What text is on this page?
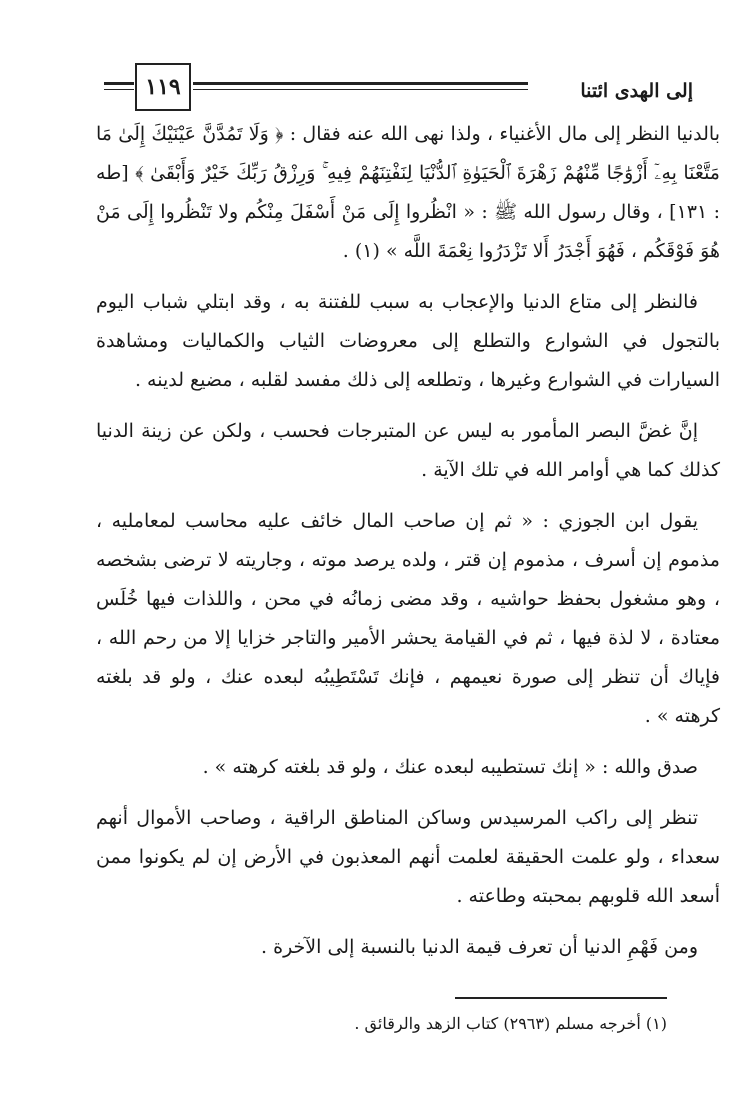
إلى الهدى ائتنا
١١٩

بالدنيا النظر إلى مال الأغنياء ، ولذا نهى الله عنه فقال : ﴿ وَلَا تَمُدَّنَّ عَيْنَيْكَ إِلَىٰ مَا مَتَّعْنَا بِهِۦٓ أَزْوَٰجًا مِّنْهُمْ زَهْرَةَ ٱلْحَيَوٰةِ ٱلدُّنْيَا لِنَفْتِنَهُمْ فِيهِ ۚ وَرِزْقُ رَبِّكَ خَيْرٌ وَأَبْقَىٰ ﴾ [طه : ١٣١] ، وقال رسول الله ﷺ : « انْظُروا إِلَى مَنْ أَسْفَلَ مِنْكُم ولا تَنْظُروا إِلَى مَنْ هُوَ فَوْقَكُم ، فَهُوَ أَجْدَرُ أَلا تَزْدَرُوا نِعْمَةَ اللَّه » (١) .

فالنظر إلى متاع الدنيا والإعجاب به سبب للفتنة به ، وقد ابتلي شباب اليوم بالتجول في الشوارع والتطلع إلى معروضات الثياب والكماليات ومشاهدة السيارات في الشوارع وغيرها ، وتطلعه إلى ذلك مفسد لقلبه ، مضيع لدينه .

إنَّ غضَّ البصر المأمور به ليس عن المتبرجات فحسب ، ولكن عن زينة الدنيا كذلك كما هي أوامر الله في تلك الآية .

يقول ابن الجوزي : « ثم إن صاحب المال خائف عليه محاسب لمعامليه ، مذموم إن أسرف ، مذموم إن قتر ، ولده يرصد موته ، وجاريته لا ترضى بشخصه ، وهو مشغول بحفظ حواشيه ، وقد مضى زمانُه في محن ، واللذات فيها خُلَس معتادة ، لا لذة فيها ، ثم في القيامة يحشر الأمير والتاجر خزايا إلا من رحم الله ، فإياك أن تنظر إلى صورة نعيمهم ، فإنك تَسْتَطِيبُه لبعده عنك ، ولو قد بلغته كرهته » .

صدق والله : « إنك تستطيبه لبعده عنك ، ولو قد بلغته كرهته » .

تنظر إلى راكب المرسيدس وساكن المناطق الراقية ، وصاحب الأموال أنهم سعداء ، ولو علمت الحقيقة لعلمت أنهم المعذبون في الأرض إن لم يكونوا ممن أسعد الله قلوبهم بمحبته وطاعته .

ومن فَهْمِ الدنيا أن تعرف قيمة الدنيا بالنسبة إلى الآخرة .

(١) أخرجه مسلم (٢٩٦٣) كتاب الزهد والرقائق .
